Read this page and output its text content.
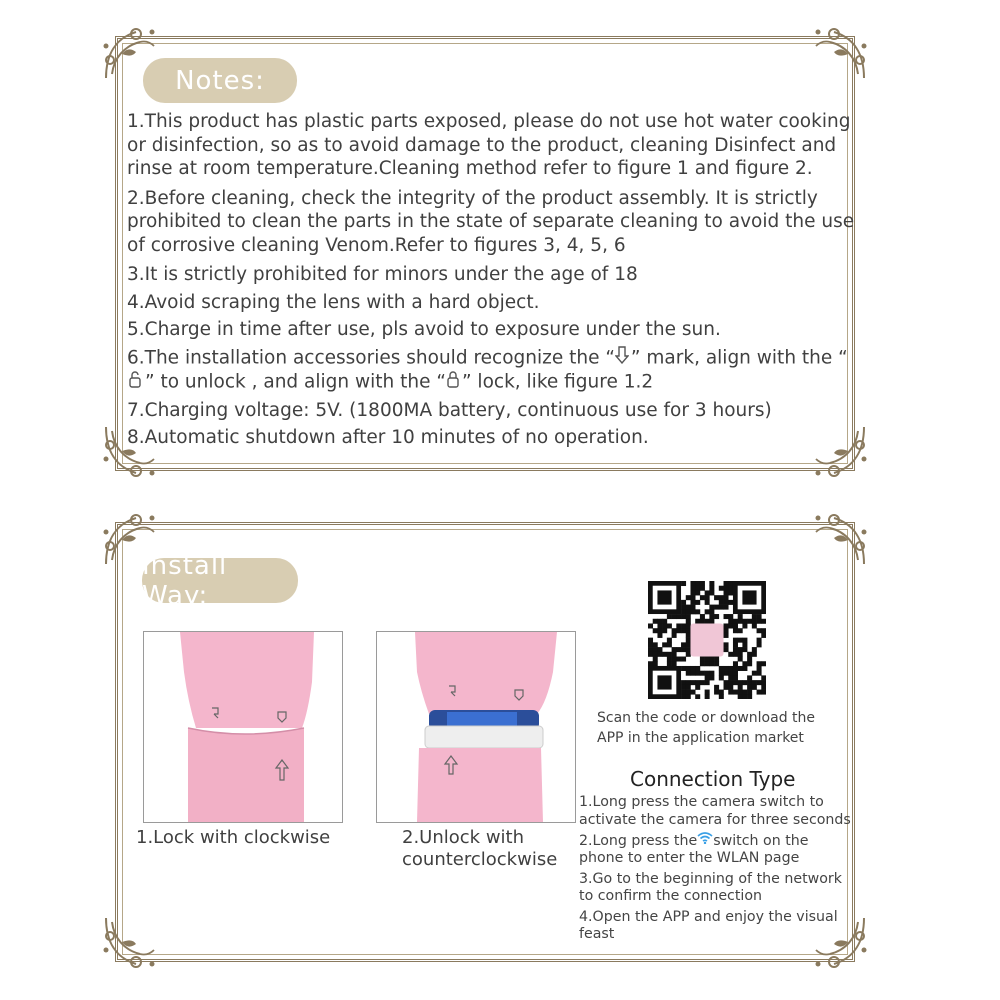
Notes:

1.This product has plastic parts exposed, please do not use hot water cooking or disinfection, so as to avoid damage to the product, cleaning Disinfect and rinse at room temperature.Cleaning method refer to figure 1 and figure 2.

2.Before cleaning, check the integrity of the product assembly. It is strictly prohibited to clean the parts in the state of separate cleaning to avoid the use of corrosive cleaning Venom.Refer to figures 3, 4, 5, 6

3.It is strictly prohibited for minors under the age of 18

4.Avoid scraping the lens with a hard object.

5.Charge in time after use, pls avoid to exposure under the sun.

6.The installation accessories should recognize the “ ” mark, align with the “” to unlock , and align with the “ ” lock, like figure 1.2

7.Charging voltage: 5V. (1800MA battery, continuous use for 3 hours)

8.Automatic shutdown after 10 minutes of no operation.

Install Way:
1.Lock with clockwise	2.Unlock with
counterclockwise
Scan the code or download the APP in the application market
Connection Type

1.Long press the camera switch to activate the camera for three seconds

2.Long press the switch on the phone to enter the WLAN page

3.Go to the beginning of the network to confirm the connection

4.Open the APP and enjoy the visual feast
